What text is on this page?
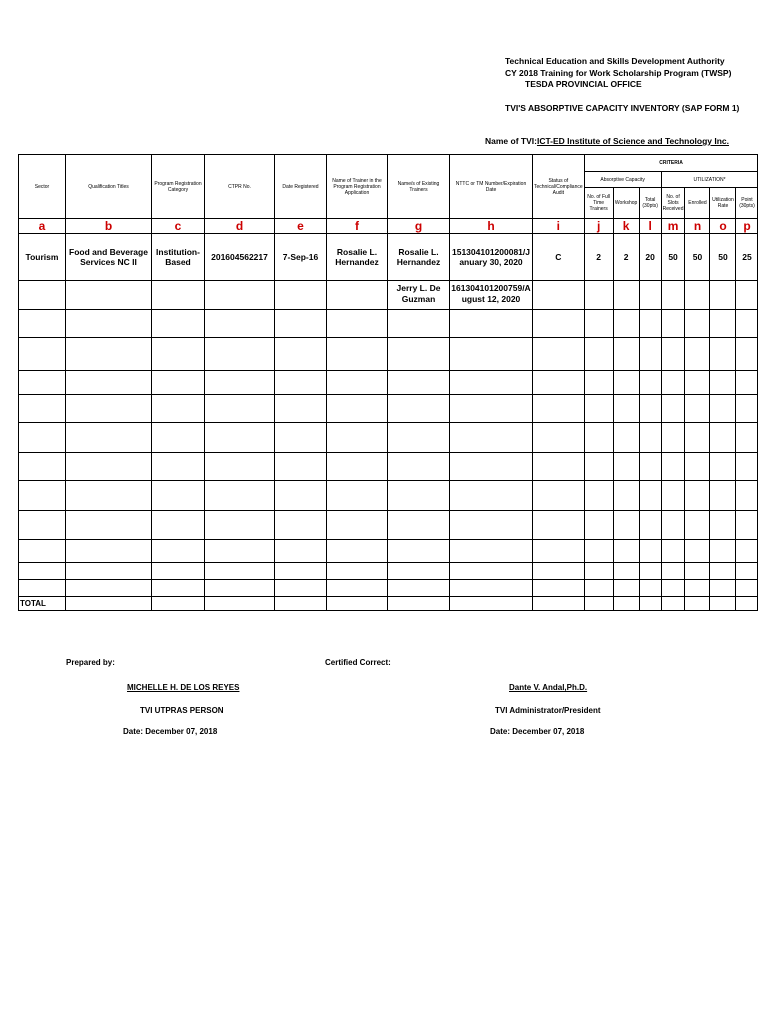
Technical Education and Skills Development Authority
CY 2018 Training for Work Scholarship Program (TWSP)
TESDA PROVINCIAL OFFICE
TVI'S ABSORPTIVE CAPACITY INVENTORY (SAP FORM 1)
Name of TVI:ICT-ED Institute of Science and Technology Inc.
Sector	Qualification Titles	Program Registration Category	CTPR No.	Date Registered	Name of Trainer in the Program Registration Application	Name/s of Existing Trainers	NTTC or TM Number/Expiration Date	Status of Technical/Compliance Audit	CRITERIA						
									Absorptive Capacity			UTILIZATION*			
									No. of Full Time Trainers	Workshop	Total (30pts)	No. of Slots Received	Enrolled	Utilization Rate	Point (30pts)
a	b	c	d	e	f	g	h	i	j	k	l	m	n	o	p
Tourism	Food and Beverage Services NC II	Institution-Based	201604562217	7-Sep-16	Rosalie L. Hernandez	Rosalie L. Hernandez	151304101200081/January 30, 2020	C	2	2	20	50	50	50	25
						Jerry L. De Guzman	161304101200759/August 12, 2020								

TOTAL															
Prepared by:	Certified Correct:
MICHELLE H. DE LOS REYES	Dante V. Andal,Ph.D.
TVI UTPRAS PERSON	TVI Administrator/President
Date: December 07, 2018	Date: December 07, 2018
